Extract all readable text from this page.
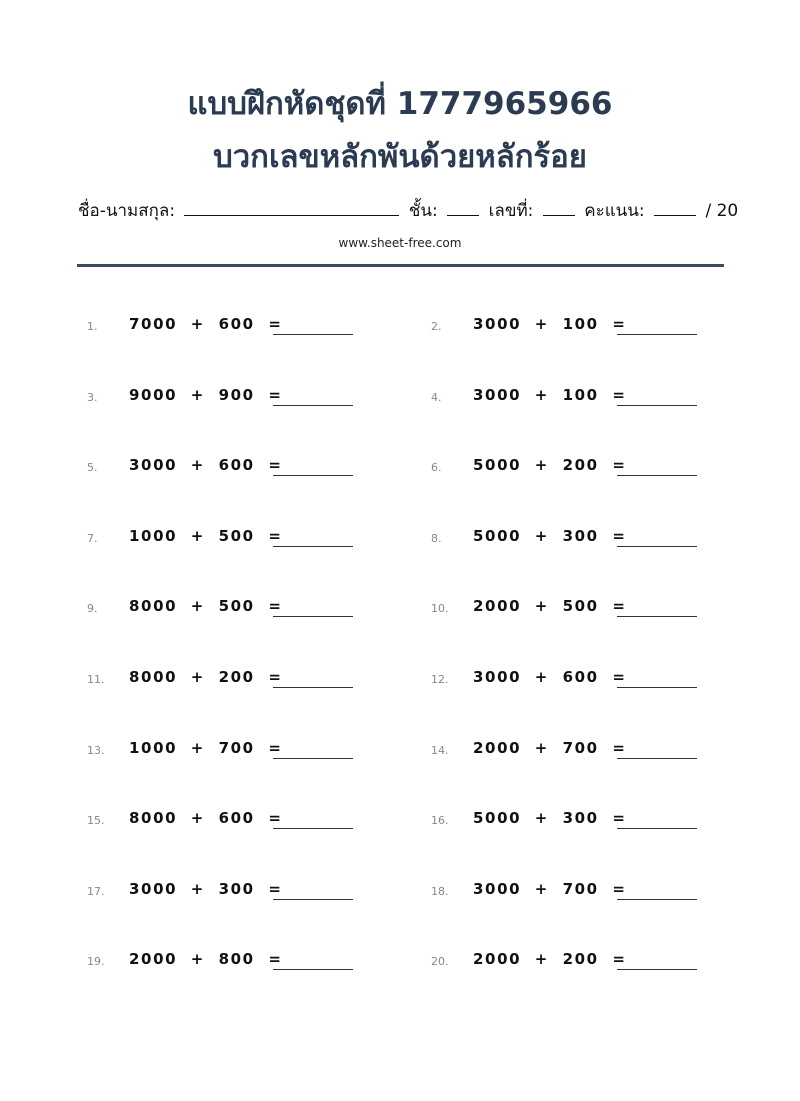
แบบฝึกหัดชุดที่ 1777965966
บวกเลขหลักพันด้วยหลักร้อย
ชื่อ-นามสกุล:	ชั้น:	เลขที่:	คะแนน:	/ 20
www.sheet-free.com
1. 7000  +  600  =	2. 3000  +  100  =
3. 9000  +  900  =	4. 3000  +  100  =
5. 3000  +  600  =	6. 5000  +  200  =
7. 1000  +  500  =	8. 5000  +  300  =
9. 8000  +  500  =	10. 2000  +  500  =
11. 8000  +  200  =	12. 3000  +  600  =
13. 1000  +  700  =	14. 2000  +  700  =
15. 8000  +  600  =	16. 5000  +  300  =
17. 3000  +  300  =	18. 3000  +  700  =
19. 2000  +  800  =	20. 2000  +  200  =
